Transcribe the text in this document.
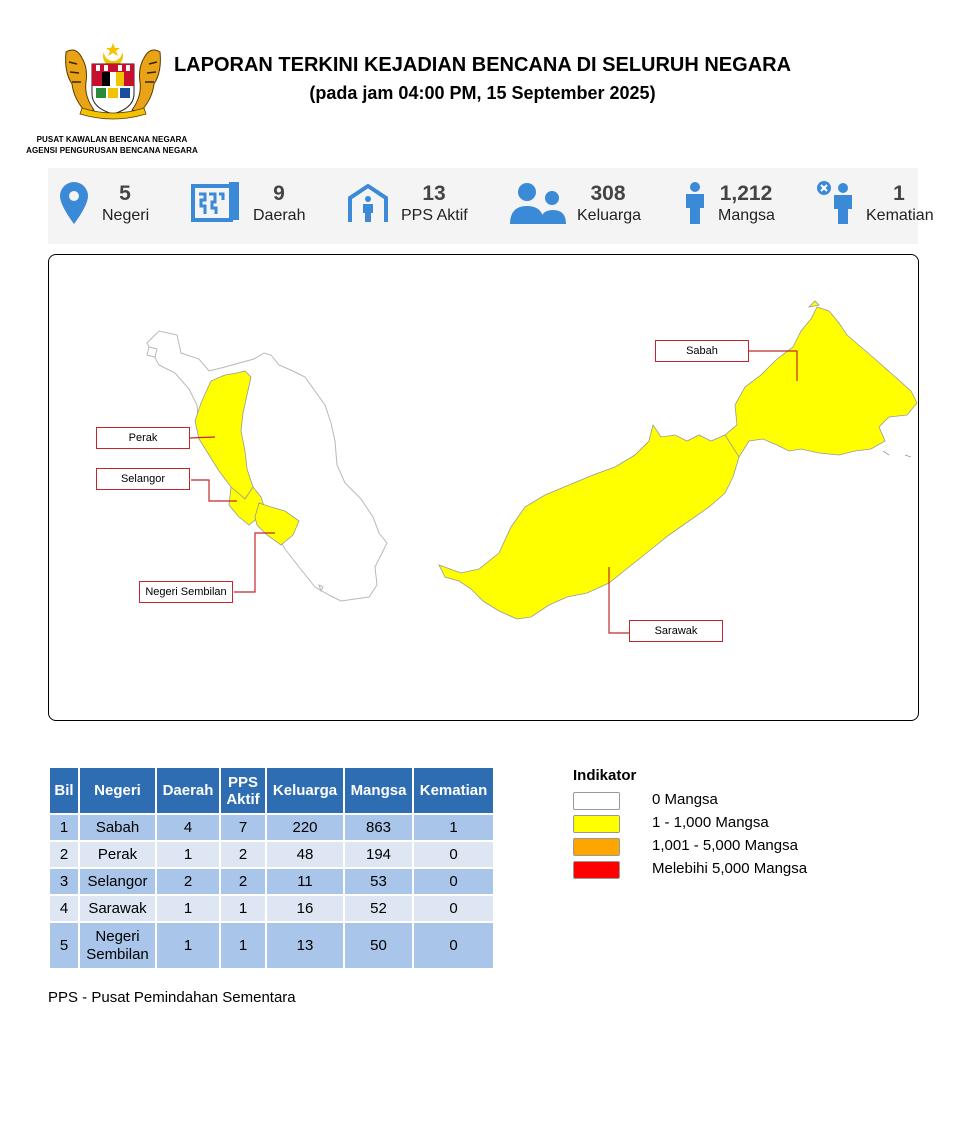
PUSAT KAWALAN BENCANA NEGARA
AGENSI PENGURUSAN BENCANA NEGARA
LAPORAN TERKINI KEJADIAN BENCANA DI SELURUH NEGARA
(pada jam 04:00 PM, 15 September 2025)
5
Negeri
9
Daerah
13
PPS Aktif
308
Keluarga
1,212
Mangsa
1
Kematian
Sabah
Perak
Selangor
Negeri Sembilan
Sarawak
Bil	Negeri	Daerah	PPS Aktif	Keluarga	Mangsa	Kematian
1	Sabah	4	7	220	863	1
2	Perak	1	2	48	194	0
3	Selangor	2	2	11	53	0
4	Sarawak	1	1	16	52	0
5	Negeri Sembilan	1	1	13	50	0
PPS - Pusat Pemindahan Sementara
Indikator
0 Mangsa
1 - 1,000 Mangsa
1,001 - 5,000 Mangsa
Melebihi 5,000 Mangsa
